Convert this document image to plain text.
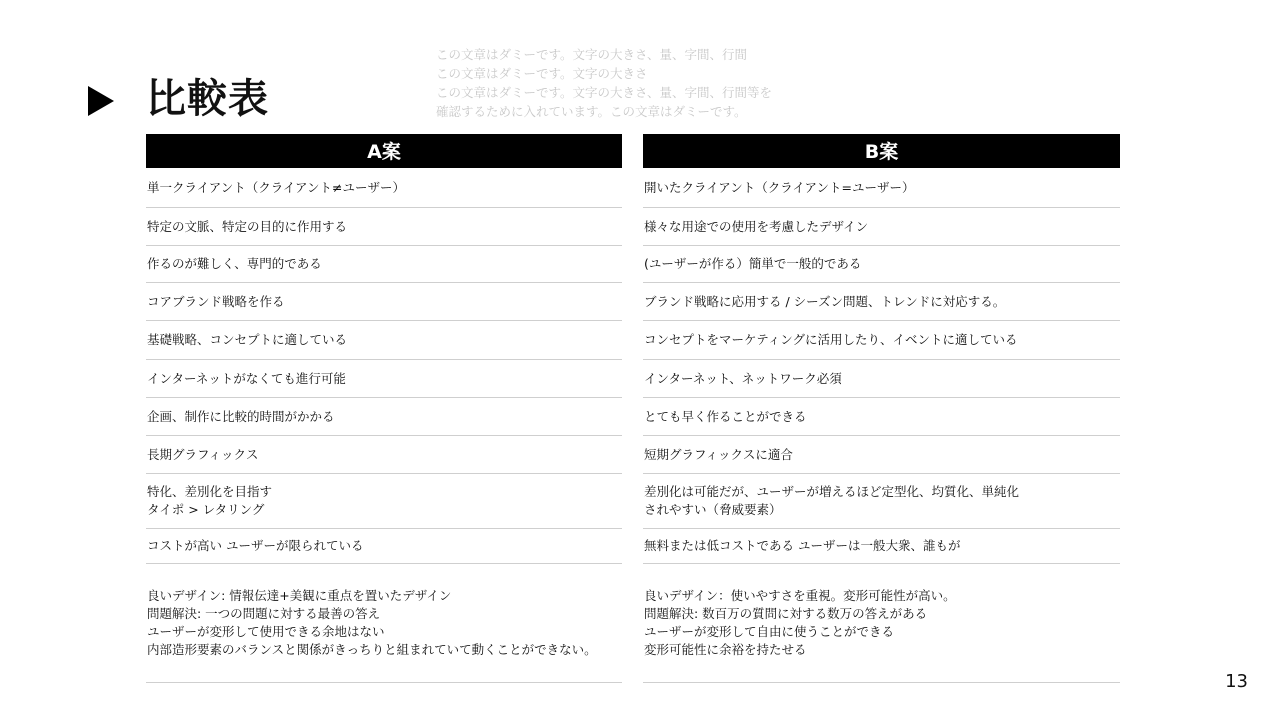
比較表
この文章はダミーです。文字の大きさ、量、字間、行間
この文章はダミーです。文字の大きさ
この文章はダミーです。文字の大きさ、量、字間、行間等を
確認するために入れています。この文章はダミーです。
A案
単一クライアント（クライアント≠ユーザー）
特定の文脈、特定の目的に作用する
作るのが難しく、専門的である
コアブランド戦略を作る
基礎戦略、コンセプトに適している
インターネットがなくても進行可能
企画、制作に比較的時間がかかる
長期グラフィックス
特化、差別化を目指す
タイポ > レタリング
コストが高い ユーザーが限られている
良いデザイン: 情報伝達+美観に重点を置いたデザイン
問題解決: 一つの問題に対する最善の答え
ユーザーが変形して使用できる余地はない
内部造形要素のバランスと関係がきっちりと組まれていて動くことができない。
B案
開いたクライアント（クライアント=ユーザー）
様々な用途での使用を考慮したデザイン
(ユーザーが作る）簡単で一般的である
ブランド戦略に応用する / シーズン問題、トレンドに対応する。
コンセプトをマーケティングに活用したり、イベントに適している
インターネット、ネットワーク必須
とても早く作ることができる
短期グラフィックスに適合
差別化は可能だが、ユーザーが増えるほど定型化、均質化、単純化
されやすい（脅威要素）
無料または低コストである ユーザーは一般大衆、誰もが
良いデザイン：使いやすさを重視。変形可能性が高い。
問題解決: 数百万の質問に対する数万の答えがある
ユーザーが変形して自由に使うことができる
変形可能性に余裕を持たせる
13
